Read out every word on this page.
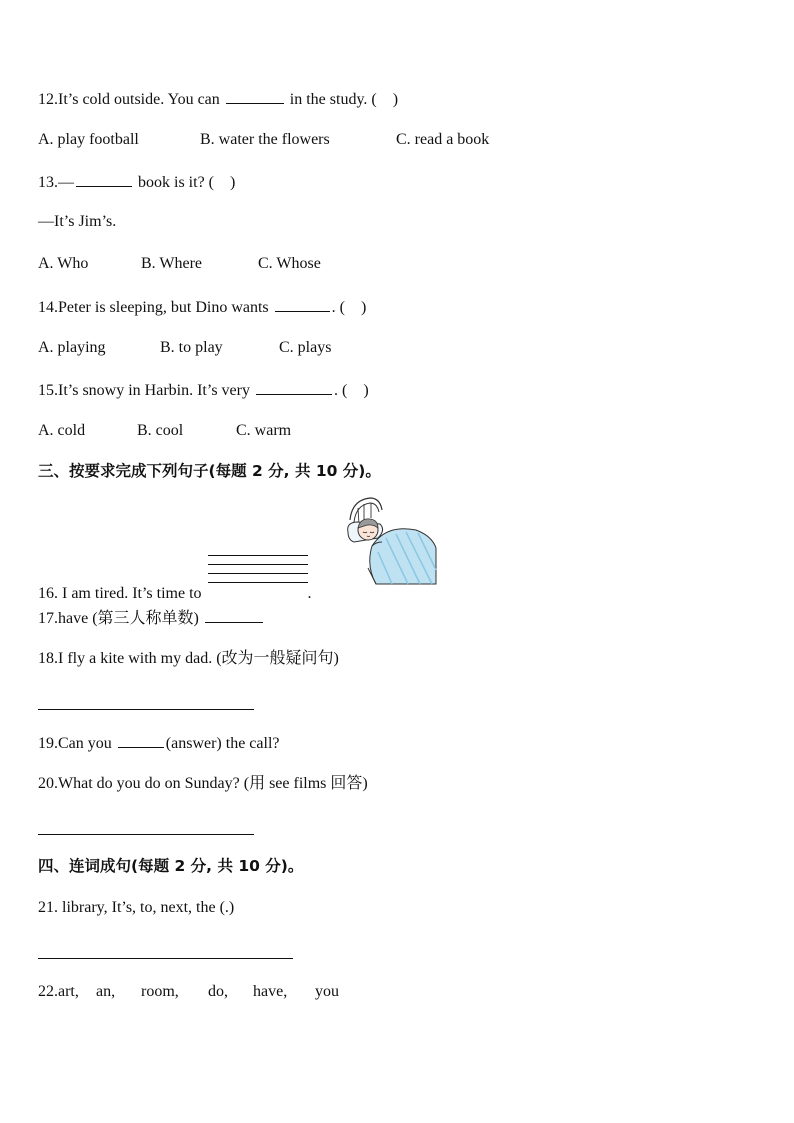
12.It’s cold outside. You can	in the study. ( )
A. play football	B. water the flowers	C. read a book
13.—	book is it? ( )
—It’s Jim’s.
A. Who	B. Where	C. Whose
14.Peter is sleeping, but Dino wants	. ( )
A. playing	B. to play	C. plays
15.It’s snowy in Harbin. It’s very	. ( )
A. cold	B. cool	C. warm
三、按要求完成下列句子(每题 2 分, 共 10 分)。
16. I am tired. It’s time to	.
17.have (第三人称单数)
18.I fly a kite with my dad. (改为一般疑问句)
19.Can you	(answer) the call?
20.What do you do on Sunday? (用 see films 回答)
四、连词成句(每题 2 分, 共 10 分)。
21. library, It’s, to, next, the (.)
22.art, an, room, do, have, you
